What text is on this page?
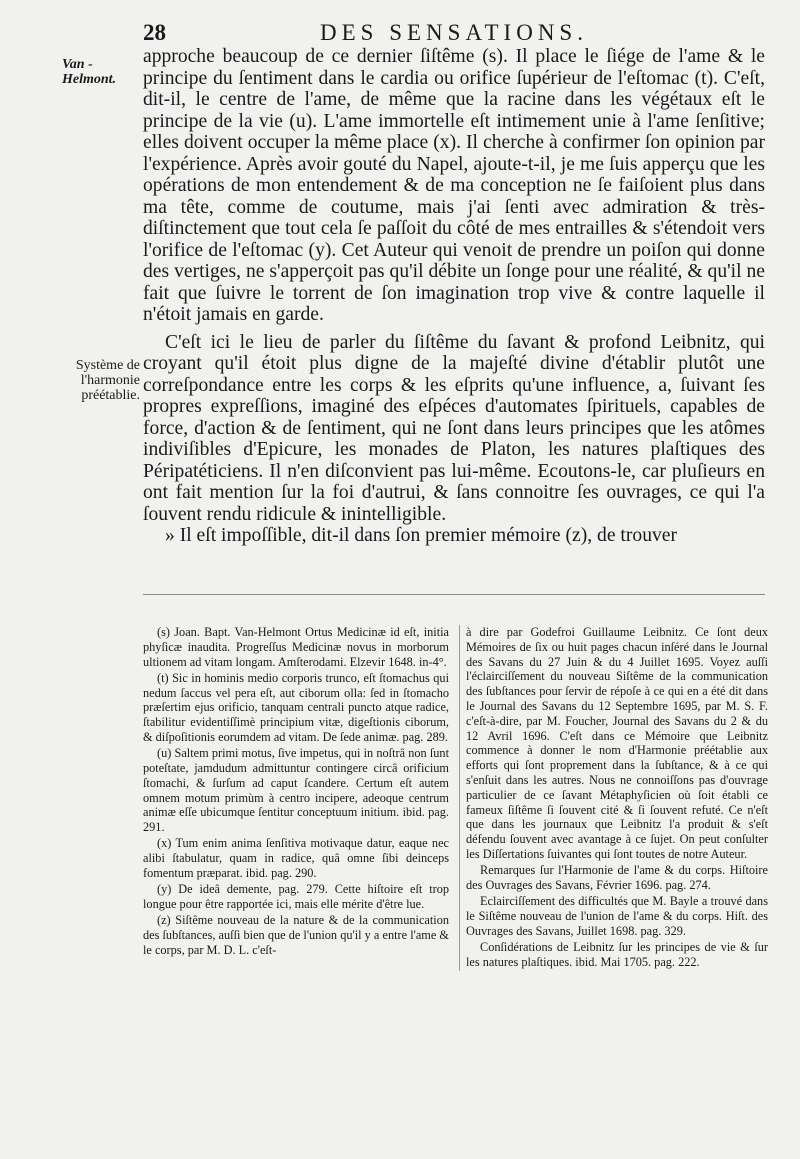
28	DES SENSATIONS.
Van - Helmont.
Système de l'harmonie préétablie.

approche beaucoup de ce dernier ſiſtême (s). Il place le ſiége de l'ame & le principe du ſentiment dans le cardia ou orifice ſupérieur de l'eſtomac (t). C'eſt, dit-il, le centre de l'ame, de même que la racine dans les végétaux eſt le principe de la vie (u). L'ame immortelle eſt intimement unie à l'ame ſenſitive; elles doivent occuper la même place (x). Il cherche à confirmer ſon opinion par l'expérience. Après avoir gouté du Napel, ajoute-t-il, je me ſuis apperçu que les opérations de mon entendement & de ma conception ne ſe faiſoient plus dans ma tête, comme de coutume, mais j'ai ſenti avec admiration & très-diſtinctement que tout cela ſe paſſoit du côté de mes entrailles & s'étendoit vers l'orifice de l'eſtomac (y). Cet Auteur qui venoit de prendre un poiſon qui donne des vertiges, ne s'apperçoit pas qu'il débite un ſonge pour une réalité, & qu'il ne fait que ſuivre le torrent de ſon imagination trop vive & contre laquelle il n'étoit jamais en garde.

C'eſt ici le lieu de parler du ſiſtême du ſavant & profond Leibnitz, qui croyant qu'il étoit plus digne de la majeſté divine d'établir plutôt une correſpondance entre les corps & les eſprits qu'une influence, a, ſuivant ſes propres expreſſions, imaginé des eſpéces d'automates ſpirituels, capables de force, d'action & de ſentiment, qui ne ſont dans leurs principes que les atômes indiviſibles d'Epicure, les monades de Platon, les natures plaſtiques des Péripatéticiens. Il n'en diſconvient pas lui-même. Ecoutons-le, car pluſieurs en ont fait mention ſur la foi d'autrui, & ſans connoitre ſes ouvrages, ce qui l'a ſouvent rendu ridicule & inintelligible.

» Il eſt impoſſible, dit-il dans ſon premier mémoire (z), de trouver

(s) Joan. Bapt. Van-Helmont Ortus Medicinæ id eſt, initia phyſicæ inaudita. Progreſſus Medicinæ novus in morborum ultionem ad vitam longam. Amſterodami. Elzevir 1648. in-4°.

(t) Sic in hominis medio corporis trunco, eſt ſtomachus qui nedum ſaccus vel pera eſt, aut ciborum olla: ſed in ſtomacho præſertim ejus orificio, tanquam centrali puncto atque radice, ſtabilitur evidentiſſimè principium vitæ, digeſtionis ciborum, & diſpoſitionis eorumdem ad vitam. De ſede animæ. pag. 289.

(u) Saltem primi motus, ſive impetus, qui in noſtrâ non ſunt poteſtate, jamdudum admittuntur contingere circâ orificium ſtomachi, & ſurſum ad caput ſcandere. Certum eſt autem omnem motum primùm à centro incipere, adeoque centrum animæ eſſe ubicumque ſentitur conceptuum initium. ibid. pag. 291.

(x) Tum enim anima ſenſitiva motivaque datur, eaque nec alibi ſtabulatur, quam in radice, quâ omne ſibi deinceps fomentum præparat. ibid. pag. 290.

(y) De ideâ demente, pag. 279. Cette hiſtoire eſt trop longue pour être rapportée ici, mais elle mérite d'être lue.

(z) Siſtême nouveau de la nature & de la communication des ſubſtances, auſſi bien que de l'union qu'il y a entre l'ame & le corps, par M. D. L. c'eſt-

à dire par Godefroi Guillaume Leibnitz. Ce ſont deux Mémoires de ſix ou huit pages chacun inſéré dans le Journal des Savans du 27 Juin & du 4 Juillet 1695. Voyez auſſi l'éclairciſſement du nouveau Siſtême de la communication des ſubſtances pour ſervir de répoſe à ce qui en a été dit dans le Journal des Savans du 12 Septembre 1695, par M. S. F. c'eſt-à-dire, par M. Foucher, Journal des Savans du 2 & du 12 Avril 1696. C'eſt dans ce Mémoire que Leibnitz commence à donner le nom d'Harmonie préétablie aux efforts qui ſont proprement dans la ſubſtance, & à ce qui s'enſuit dans les autres. Nous ne connoiſſons pas d'ouvrage particulier de ce ſavant Métaphyſicien où ſoit établi ce fameux ſiſtême ſi ſouvent cité & ſi ſouvent refuté. Ce n'eſt que dans les journaux que Leibnitz l'a produit & s'eſt défendu ſouvent avec avantage à ce ſujet. On peut conſulter les Diſſertations ſuivantes qui ſont toutes de notre Auteur.

Remarques ſur l'Harmonie de l'ame & du corps. Hiſtoire des Ouvrages des Savans, Février 1696. pag. 274.

Eclairciſſement des difficultés que M. Bayle a trouvé dans le Siſtême nouveau de l'union de l'ame & du corps. Hiſt. des Ouvrages des Savans, Juillet 1698. pag. 329.

Conſidérations de Leibnitz ſur les principes de vie & ſur les natures plaſtiques. ibid. Mai 1705. pag. 222.
